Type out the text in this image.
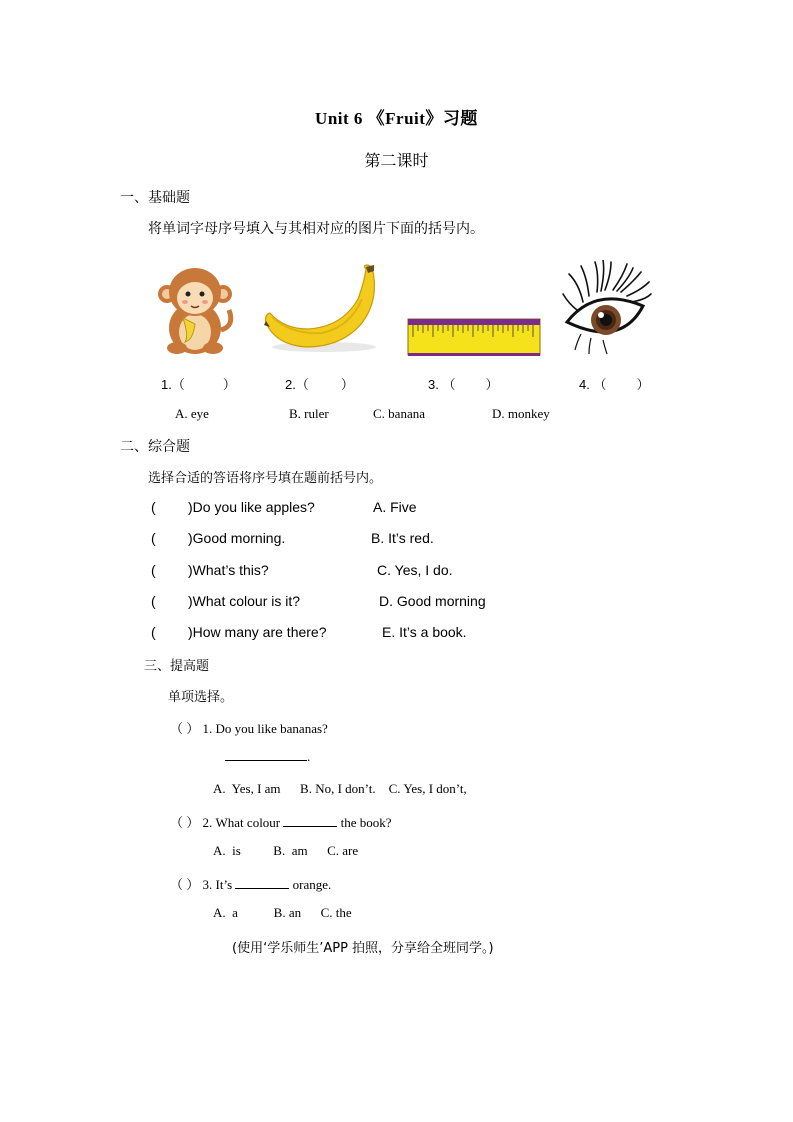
Unit 6 《Fruit》习题
第二课时
一、基础题
将单词字母序号填入与其相对应的图片下面的括号内。
1.（	）	2.（ ）	3. （ ）	4. （ ）
A. eye	B. ruler	C. banana	D. monkey
二、综合题
选择合适的答语将序号填在题前括号内。
( )Do you like apples?	A. Five
( )Good morning.	B. It’s red.
( )What’s this?	C. Yes, I do.
( )What colour is it?	D. Good morning
( )How many are there?	E. It’s a book.
三、提高题
单项选择。
（ ） 1. Do you like bananas?
.
A.  Yes, I am      B. No, I don’t.    C. Yes, I don’t,
（ ） 2. What colour	the book?
A.  is          B.  am      C. are
（ ） 3. It’s	orange.
A.  a           B. an      C. the
(使用‘学乐师生’APP 拍照，分享给全班同学。)
